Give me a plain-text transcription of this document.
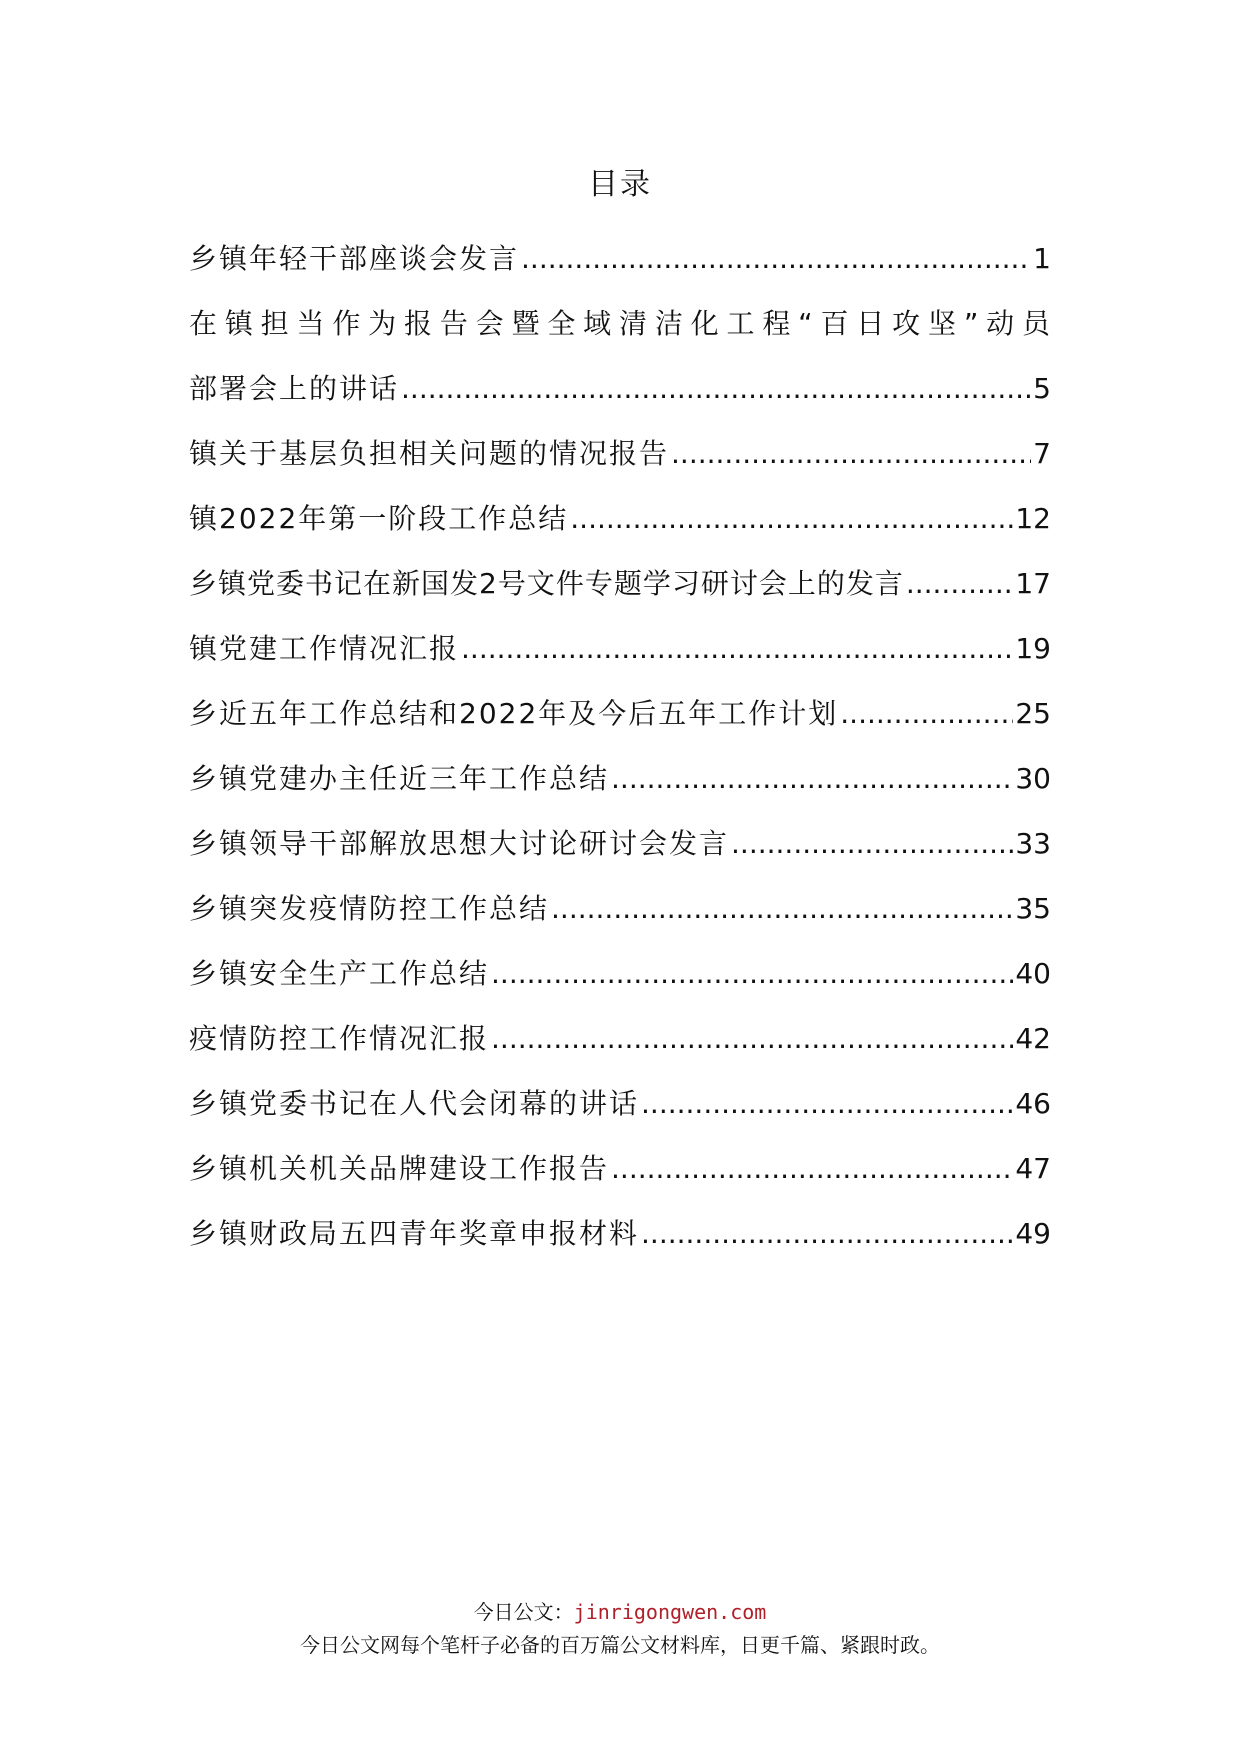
目录
乡镇年轻干部座谈会发言 .....	1
在镇担当作为报告会暨全域清洁化工程“百日攻坚”动员
部署会上的讲话 .....	5
镇关于基层负担相关问题的情况报告 .....	7
镇2022年第一阶段工作总结 .....	12
乡镇党委书记在新国发2号文件专题学习研讨会上的发言 .....	17
镇党建工作情况汇报 .....	19
乡近五年工作总结和2022年及今后五年工作计划 .....	25
乡镇党建办主任近三年工作总结 .....	30
乡镇领导干部解放思想大讨论研讨会发言 .....	33
乡镇突发疫情防控工作总结 .....	35
乡镇安全生产工作总结 .....	40
疫情防控工作情况汇报 .....	42
乡镇党委书记在人代会闭幕的讲话 .....	46
乡镇机关机关品牌建设工作报告 .....	47
乡镇财政局五四青年奖章申报材料 .....	49
今日公文：jinrigongwen.com
今日公文网每个笔杆子必备的百万篇公文材料库，日更千篇、紧跟时政。
